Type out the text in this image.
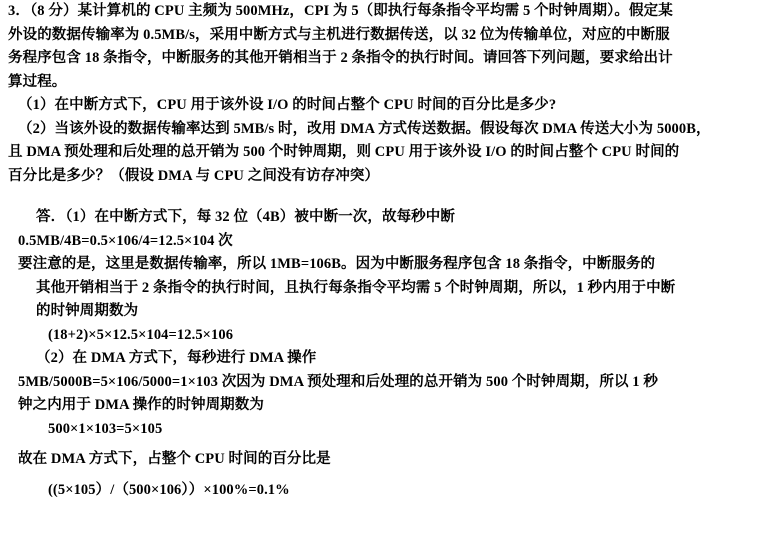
3．（8 分）某计算机的 CPU 主频为 500MHz，CPI 为 5（即执行每条指令平均需 5 个时钟周期）。假定某

外设的数据传输率为 0.5MB/s，采用中断方式与主机进行数据传送，以 32 位为传输单位，对应的中断服

务程序包含 18 条指令，中断服务的其他开销相当于 2 条指令的执行时间。请回答下列问题，要求给出计

算过程。

（1）在中断方式下，CPU 用于该外设 I/O 的时间占整个 CPU 时间的百分比是多少?

（2）当该外设的数据传输率达到 5MB/s 时，改用 DMA 方式传送数据。假设每次 DMA 传送大小为 5000B，

且 DMA 预处理和后处理的总开销为 500 个时钟周期，则 CPU 用于该外设 I/O 的时间占整个 CPU 时间的

百分比是多少？（假设 DMA 与 CPU 之间没有访存冲突）

答．（1）在中断方式下，每 32 位（4B）被中断一次，故每秒中断

0.5MB/4B=0.5×106/4=12.5×104 次

要注意的是，这里是数据传输率，所以 1MB=106B。因为中断服务程序包含 18 条指令，中断服务的

其他开销相当于 2 条指令的执行时间，且执行每条指令平均需 5 个时钟周期，所以，1 秒内用于中断

的时钟周期数为

(18+2)×5×12.5×104=12.5×106

（2）在 DMA 方式下，每秒进行 DMA 操作

5MB/5000B=5×106/5000=1×103 次因为 DMA 预处理和后处理的总开销为 500 个时钟周期，所以 1 秒

钟之内用于 DMA 操作的时钟周期数为

500×1×103=5×105

故在 DMA 方式下，占整个 CPU 时间的百分比是

((5×105）/（500×106））×100%=0.1%
